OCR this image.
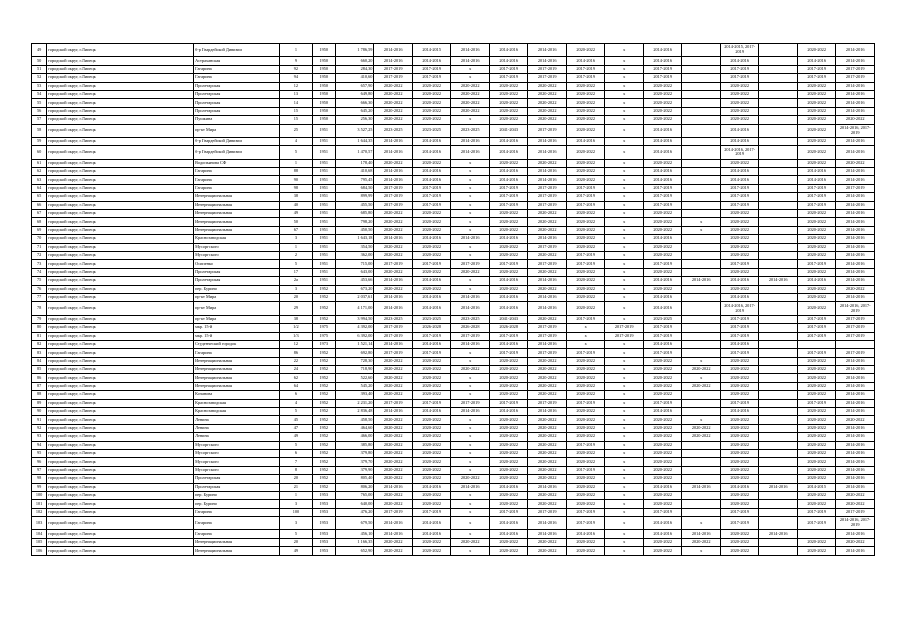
49	городской округ, г.Липецк	б-р Гвардейской Дивизии	1	1950	1 786,59	2014-2016	2014-2015	2014-2016	2014-2016	2014-2016	2020-2022	x	2014-2016		2014-2015, 2017-2019		2020-2022	2014-2016
50	городской округ, г.Липецк	Астраханская	9	1950	660,20	2014-2016	2014-2016	2014-2016	2014-2016	2014-2016	2014-2016	x	2014-2016		2014-2016		2014-2016	2014-2016
51	городской округ, г.Липецк	Гагарина	92	1950	284,30	2017-2019	2017-2019	x	2017-2019	2017-2019	2017-2019	x	2017-2019		2017-2019		2017-2019	2017-2019
52	городской округ, г.Липецк	Гагарина	94	1950	410,60	2017-2019	2017-2019	x	2017-2019	2017-2019	2017-2019	x	2017-2019		2017-2019		2017-2019	2017-2019
53	городской округ, г.Липецк	Пролетарская	12	1950	657,90	2020-2022	2020-2022	2020-2022	2020-2022	2020-2022	2020-2022	x	2020-2022		2020-2022		2020-2022	2014-2016
54	городской округ, г.Липецк	Пролетарская	13	1950	649,80	2020-2022	2020-2022	2020-2022	2020-2022	2020-2022	2020-2022	x	2020-2022		2020-2022		2020-2022	2014-2016
55	городской округ, г.Липецк	Пролетарская	14	1950	666,30	2020-2022	2020-2022	2020-2022	2020-2022	2020-2022	2020-2022	x	2020-2022		2020-2022		2020-2022	2014-2016
56	городской округ, г.Липецк	Пролетарская	15	1950	645,20	2020-2022	2020-2022	2020-2022	2020-2022	2020-2022	2020-2022	x	2020-2022		2020-2022		2020-2022	2014-2016
57	городской округ, г.Липецк	Пушкина	15	1950	256,30	2020-2022	2020-2022	x	2020-2022	2020-2022	2020-2022	x	2020-2022		2020-2022		2020-2022	2020-2022
58	городской округ, г.Липецк	пр-кт Мира	25	1951	3 527,25	2023-2025	2023-2025	2023-2025	2041-2043	2017-2019	2020-2022	x	2014-2016		2014-2016		2020-2022	2014-2016, 2017-2019
59	городской округ, г.Липецк	б-р Гвардейской Дивизии	4	1951	1 644,35	2014-2016	2014-2016	2014-2016	2014-2016	2014-2016	2014-2016	x	2014-2016		2014-2016		2020-2022	2014-2016
60	городской округ, г.Липецк	б-р Гвардейской Дивизии	5	1951	1 470,57	2014-2016	2014-2016	2014-2016	2014-2016	2014-2016	2020-2022	x	2014-2016		2014-2016, 2017-2019		2020-2022	2014-2016
61	городской округ, г.Липецк	Водопьянова СФ	1	1951	178,40	2020-2022	2020-2022	x	2020-2022	2020-2022	2020-2022	x	2020-2022		2020-2022		2020-2022	2020-2022
62	городской округ, г.Липецк	Гагарина	88	1951	410,68	2014-2016	2014-2016	x	2014-2016	2014-2016	2020-2022	x	2014-2016		2014-2016		2014-2016	2014-2016
63	городской округ, г.Липецк	Гагарина	90	1951	795,45	2014-2016	2014-2016	x	2014-2016	2014-2016	2020-2022	x	2014-2016		2014-2016		2014-2016	2014-2016
64	городской округ, г.Липецк	Гагарина	98	1951	684,50	2017-2019	2017-2019	x	2017-2019	2017-2019	2017-2019	x	2017-2019		2017-2019		2017-2019	2017-2019
65	городской округ, г.Липецк	Интернациональная	38	1951	899,99	2017-2019	2017-2019	x	2017-2019	2017-2019	2017-2019	x	2017-2019		2017-2019		2017-2019	2014-2016
66	городской округ, г.Липецк	Интернациональная	40	1951	455,50	2017-2019	2017-2019	x	2017-2019	2017-2019	2017-2019	x	2017-2019		2017-2019		2017-2019	2014-2016
67	городской округ, г.Липецк	Интернациональная	49	1951	685,80	2020-2022	2020-2022	x	2020-2022	2020-2022	2020-2022	x	2020-2022		2020-2022		2020-2022	2014-2016
68	городской округ, г.Липецк	Интернациональная	50	1951	798,20	2020-2022	2020-2022	x	2020-2022	2020-2022	2020-2022	x	2020-2022	x	2020-2022		2020-2022	2014-2016
69	городской округ, г.Липецк	Интернациональная	67	1951	450,50	2020-2022	2020-2022	x	2020-2022	2020-2022	2020-2022	x	2020-2022	x	2020-2022		2020-2022	2014-2016
70	городской округ, г.Липецк	Краснозаводская	3	1951	1 643,18	2014-2016	2014-2016	2014-2016	2014-2016	2014-2016	2020-2022	x	2014-2016		2020-2022		2020-2022	2014-2016
71	городской округ, г.Липецк	Мусоргского	1	1951	354,50	2020-2022	2020-2022	x	2020-2022	2017-2019	2020-2022	x	2020-2022		2020-2022		2020-2022	2014-2016
72	городской округ, г.Липецк	Мусоргского	2	1951	362,00	2020-2022	2020-2022	x	2020-2022	2020-2022	2017-2019	x	2020-2022		2020-2022		2020-2022	2014-2016
73	городской округ, г.Липецк	Осипенко	5	1951	715,00	2017-2019	2017-2019	2017-2019	2017-2019	2017-2019	2017-2019	x	2017-2019		2017-2019		2017-2019	2014-2016
74	городской округ, г.Липецк	Пролетарская	17	1951	643,00	2020-2022	2020-2022	2020-2022	2020-2022	2020-2022	2020-2022	x	2020-2022		2020-2022		2020-2022	2014-2016
75	городской округ, г.Липецк	Пролетарская	2а	1951	453,66	2014-2016	2014-2016	x	2014-2016	2014-2016	2020-2022	x	2014-2016	2014-2016	2014-2016	2014-2016	2014-2016	2014-2016
76	городской округ, г.Липецк	пер. Бурино	3	1952	673,20	2020-2022	2020-2022	x	2020-2022	2020-2022	2020-2022	x	2020-2022		2020-2022		2020-2022	2020-2022
77	городской округ, г.Липецк	пр-кт Мира	20	1952	2 037,61	2014-2016	2014-2016	2014-2016	2014-2016	2014-2016	2020-2022	x	2014-2016		2014-2016		2020-2022	2014-2016
78	городской округ, г.Липецк	пр-кт Мира	29	1952	4 171,00	2014-2016	2014-2016	2014-2016	2014-2016	2014-2016	2020-2022	x	2014-2016		2014-2016, 2017-2019		2020-2022	2014-2016, 2017-2019
79	городской округ, г.Липецк	пр-кт Мира	38	1952	3 994,50	2023-2025	2023-2025	2023-2025	2041-2043	2020-2022	2017-2019	x	2023-2025		2017-2019		2017-2019	2017-2019
80	городской округ, г.Липецк	мкр. 15-й	1/2	1975	4 392,00	2017-2019	2026-2028	2026-2028	2026-2028	2017-2019	x	2017-2019	2017-2019		2017-2019		2017-2019	2017-2019
81	городской округ, г.Липецк	мкр. 15-й	1/3	1975	6 392,00	2017-2019	2017-2019	2017-2019	2017-2019	2017-2019	x	2017-2019	2017-2019		2017-2019		2017-2019	2017-2019
82	городской округ, г.Липецк	Студенческий городок	12	1973	1 521,14	2014-2016	2014-2016	2014-2016	2014-2016	2014-2016	x	x	2014-2016		2014-2016			
83	городской округ, г.Липецк	Гагарина	86	1952	692,80	2017-2019	2017-2019	x	2017-2019	2017-2019	2017-2019	x	2017-2019		2017-2019		2017-2019	2017-2019
84	городской округ, г.Липецк	Интернациональная	22	1952	728,30	2020-2022	2020-2022	x	2020-2022	2020-2022	2020-2022	x	2020-2022	x	2020-2022		2020-2022	2014-2016
85	городской округ, г.Липецк	Интернациональная	24	1952	718,90	2020-2022	2020-2022	2020-2022	2020-2022	2020-2022	2020-2022	x	2020-2022	2020-2022	2020-2022		2020-2022	2014-2016
86	городской округ, г.Липецк	Интернациональная	62	1952	522,60	2020-2022	2020-2022	x	2020-2022	2020-2022	2020-2022	x	2020-2022	x	2020-2022		2020-2022	2014-2016
87	городской округ, г.Липецк	Интернациональная	64	1952	545,20	2020-2022	2020-2022	x	2020-2022	2020-2022	2020-2022	x	2020-2022	2020-2022	2020-2022		2020-2022	2014-2016
88	городской округ, г.Липецк	Кочанова	6	1952	393,40	2020-2022	2020-2022	x	2020-2022	2020-2022	2020-2022	x	2020-2022		2020-2022		2020-2022	2014-2016
89	городской округ, г.Липецк	Краснозаводская	4	1952	2 231,20	2017-2019	2017-2019	2017-2019	2017-2019	2017-2019	2017-2019	x	2017-2019		2017-2019		2017-2019	2014-2016
90	городской округ, г.Липецк	Краснозаводская	5	1952	2 836,48	2014-2016	2014-2016	2014-2016	2014-2016	2014-2016	2020-2022	x	2014-2016		2014-2016		2020-2022	2014-2016
91	городской округ, г.Липецк	Ленина	45	1952	458,50	2020-2022	2020-2022	x	2020-2022	2020-2022	2020-2022	x	2020-2022	x	2020-2022		2020-2022	2020-2022
92	городской округ, г.Липецк	Ленина	47	1952	464,60	2020-2022	2020-2022	x	2020-2022	2020-2022	2020-2022	x	2020-2022	2020-2022	2020-2022		2020-2022	2014-2016
93	городской округ, г.Липецк	Ленина	49	1952	466,00	2020-2022	2020-2022	x	2020-2022	2020-2022	2020-2022	x	2020-2022	2020-2022	2020-2022		2020-2022	2014-2016
94	городской округ, г.Липецк	Мусоргского	5	1952	385,80	2020-2022	2020-2022	x	2020-2022	2020-2022	2017-2019	x	2020-2022		2020-2022		2020-2022	2014-2016
95	городской округ, г.Липецк	Мусоргского	6	1952	379,80	2020-2022	2020-2022	x	2020-2022	2020-2022	2020-2022	x	2020-2022		2020-2022		2020-2022	2014-2016
96	городской округ, г.Липецк	Мусоргского	7	1952	379,70	2020-2022	2020-2022	x	2020-2022	2020-2022	2020-2022	x	2020-2022		2020-2022		2020-2022	2014-2016
97	городской округ, г.Липецк	Мусоргского	8	1952	379,90	2020-2022	2020-2022	x	2020-2022	2020-2022	2017-2019	x	2020-2022		2020-2022		2020-2022	2014-2016
98	городской округ, г.Липецк	Пролетарская	20	1952	805,40	2020-2022	2020-2022	2020-2022	2020-2022	2020-2022	2020-2022	x	2020-2022		2020-2022		2020-2022	2014-2016
99	городской округ, г.Липецк	Пролетарская	21	1952	806,20	2014-2016	2014-2016	2014-2016	2014-2016	2014-2016	2020-2022	x	2014-2016	2014-2016	2014-2016	2014-2016	2014-2015	2014-2016
100	городской округ, г.Липецк	пер. Бурино	1	1953	765,00	2020-2022	2020-2022	x	2020-2022	2020-2022	2020-2022	x	2020-2022		2020-2022		2020-2022	2020-2022
101	городской округ, г.Липецк	пер. Бурино	3	1953	640,00	2020-2022	2020-2022	x	2020-2022	2020-2022	2020-2022	x	2020-2022		2020-2022		2020-2022	2020-2022
102	городской округ, г.Липецк	Гагарина	100	1953	476,20	2017-2019	2017-2019	x	2017-2019	2017-2019	2017-2019	x	2017-2019		2017-2019		2017-2019	2017-2019
103	городской округ, г.Липецк	Гагарина	3	1953	679,50	2014-2016	2014-2016	x	2014-2016	2014-2016	2017-2019	x	2014-2016	x	2017-2019		2017-2019	2014-2016, 2017-2019
104	городской округ, г.Липецк	Гагарина	5	1953	456,10	2014-2016	2014-2016	x	2014-2016	2014-2016	2014-2016	x	2014-2016	2014-2016	2020-2022	2014-2016		2014-2016
105	городской округ, г.Липецк	Интернациональная	20	1953	1 166,35	2020-2022	2020-2022	2020-2022	2020-2022	2020-2022	2020-2022	x	2020-2022	2020-2022	2020-2022		2020-2022	2020-2022
106	городской округ, г.Липецк	Интернациональная	49	1953	652,90	2020-2022	2020-2022	x	2020-2022	2020-2022	2020-2022	x	2020-2022	x	2020-2022		2020-2022	2014-2016
